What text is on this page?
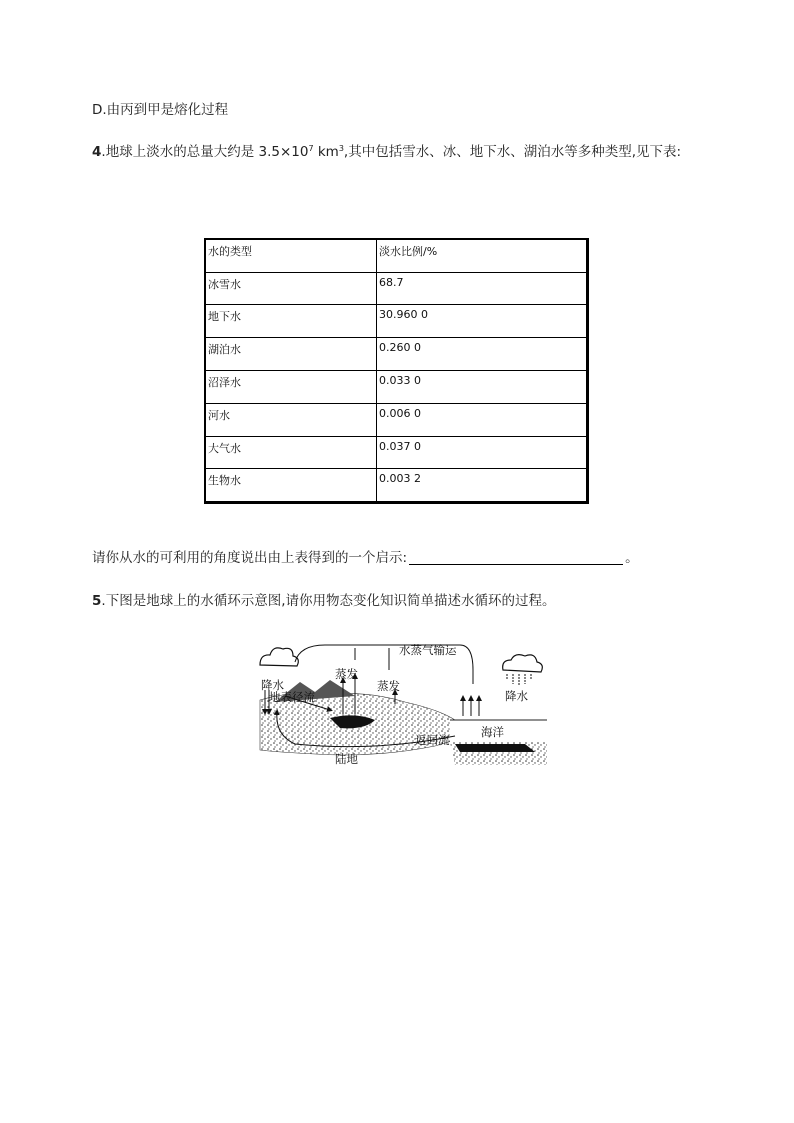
D.由丙到甲是熔化过程
4.地球上淡水的总量大约是 $3.5\times 10^7$ $km^3$,其中包括雪水、冰、地下水、湖泊水等多种类型,见下表:
水的类型	淡水比例/%
冰雪水	68.7
地下水	30.960 0
湖泊水	0.260 0
沼泽水	0.033 0
河水	0.006 0
大气水	0.037 0
生物水	0.003 2
请你从水的可利用的角度说出由上表得到的一个启示:	。
5.下图是地球上的水循环示意图,请你用物态变化知识简单描述水循环的过程。
水蒸气输运
蒸发
蒸发
降水
降水
地表径流
返回流
海洋
陆地
